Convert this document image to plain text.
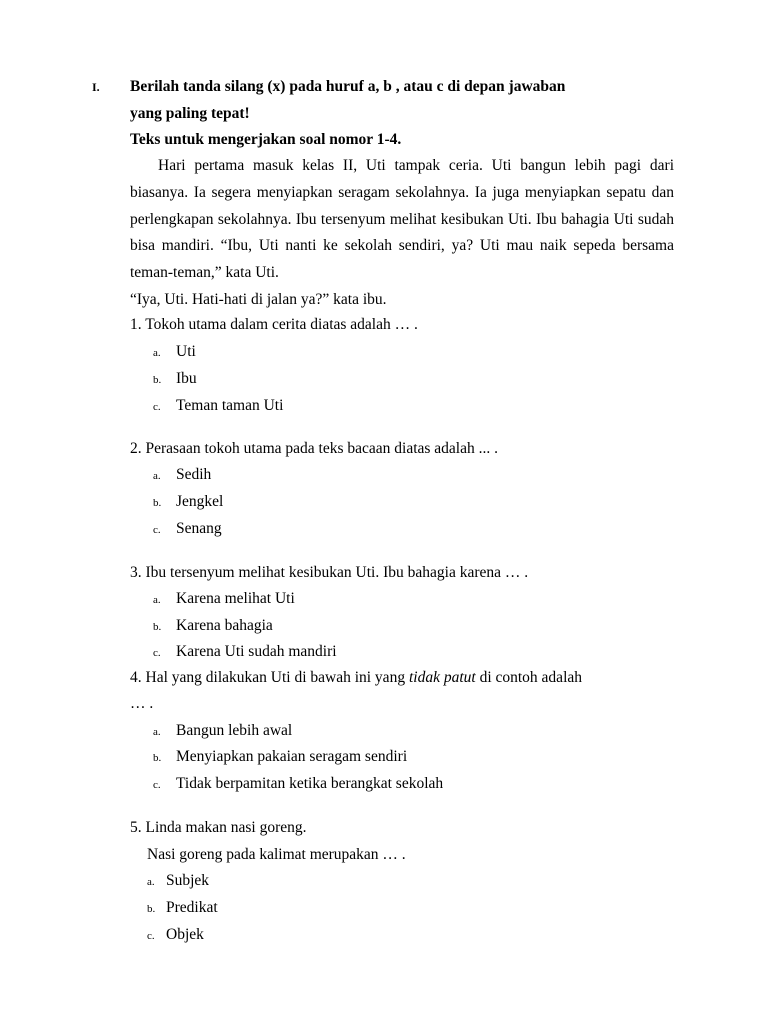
I. Berilah tanda silang (x) pada huruf a, b , atau c di depan jawaban
yang paling tepat!
Teks untuk mengerjakan soal nomor 1-4.

Hari pertama masuk kelas II, Uti tampak ceria. Uti bangun lebih pagi dari biasanya. Ia segera menyiapkan seragam sekolahnya. Ia juga menyiapkan sepatu dan perlengkapan sekolahnya. Ibu tersenyum melihat kesibukan Uti. Ibu bahagia Uti sudah bisa mandiri. “Ibu, Uti nanti ke sekolah sendiri, ya? Uti mau naik sepeda bersama teman-teman,” kata Uti.

“Iya, Uti. Hati-hati di jalan ya?” kata ibu.

1. Tokoh utama dalam cerita diatas adalah … .
a. Uti
b. Ibu
c. Teman taman Uti
2. Perasaan tokoh utama pada teks bacaan diatas adalah ... .
a. Sedih
b. Jengkel
c. Senang
3. Ibu tersenyum melihat kesibukan Uti. Ibu bahagia karena … .
a. Karena melihat Uti
b. Karena bahagia
c. Karena Uti sudah mandiri
4. Hal yang dilakukan Uti di bawah ini yang tidak patut di contoh adalah
… .
a. Bangun lebih awal
b. Menyiapkan pakaian seragam sendiri
c. Tidak berpamitan ketika berangkat sekolah
5. Linda makan nasi goreng.
Nasi goreng pada kalimat merupakan … .
a. Subjek
b. Predikat
c. Objek
